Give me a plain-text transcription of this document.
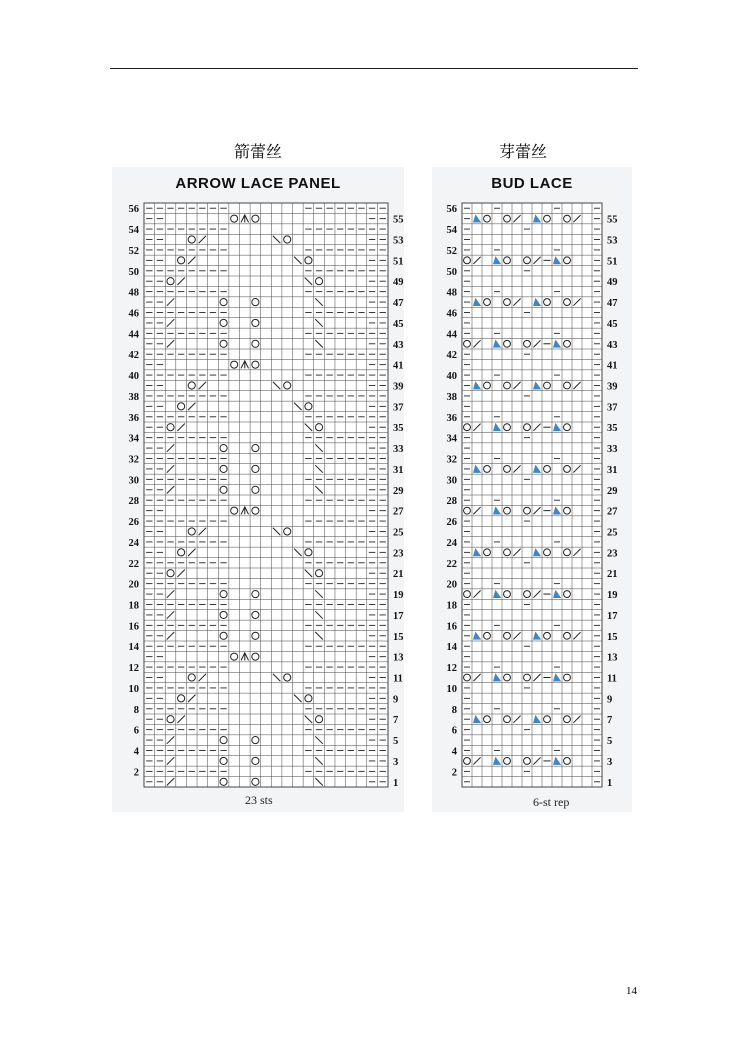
箭蕾丝	芽蕾丝
ARROW LACE PANEL
1
2
3
4
5
6
7
8
9
10
11
12
13
14
15
16
17
18
19
20
21
22
23
24
25
26
27
28
29
30
31
32
33
34
35
36
37
38
39
40
41
42
43
44
45
46
47
48
49
50
51
52
53
54
55
56
23 sts
BUD LACE
1
2
3
4
5
6
7
8
9
10
11
12
13
14
15
16
17
18
19
20
21
22
23
24
25
26
27
28
29
30
31
32
33
34
35
36
37
38
39
40
41
42
43
44
45
46
47
48
49
50
51
52
53
54
55
56
6-st rep
14
